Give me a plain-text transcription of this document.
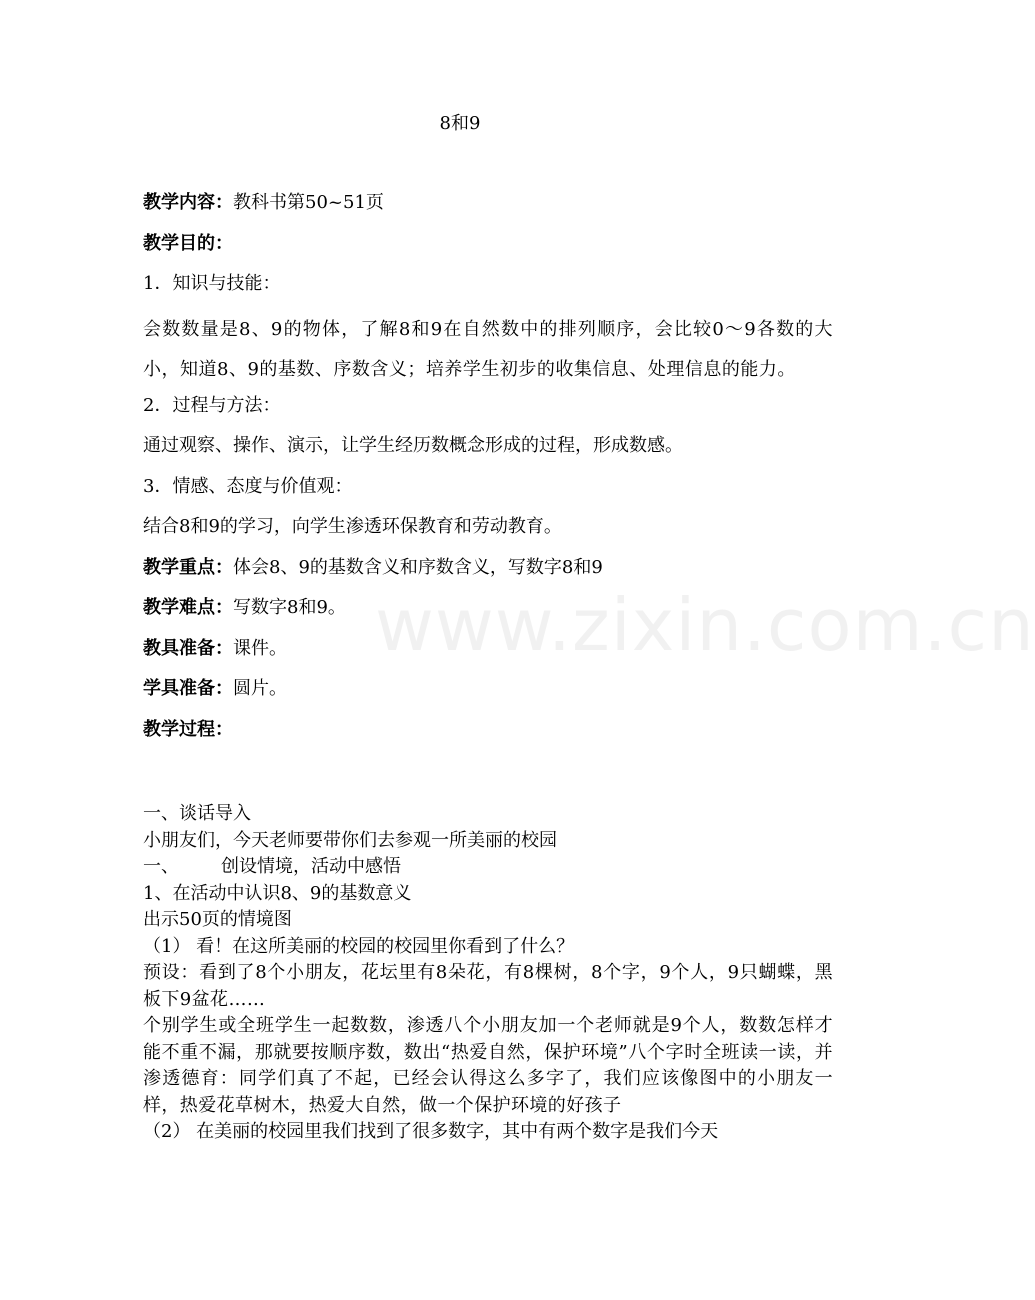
www.zixin.com.cn
8和9
教学内容：教科书第50~51页
教学目的：
1．知识与技能：
会数数量是8、9的物体，了解8和9在自然数中的排列顺序，会比较0～9各数的大小，知道8、9的基数、序数含义；培养学生初步的收集信息、处理信息的能力。
2．过程与方法：
通过观察、操作、演示，让学生经历数概念形成的过程，形成数感。
3．情感、态度与价值观：
结合8和9的学习，向学生渗透环保教育和劳动教育。
教学重点：体会8、9的基数含义和序数含义，写数字8和9
教学难点：写数字8和9。
教具准备：课件。
学具准备：圆片。
教学过程：
一、谈话导入
小朋友们，今天老师要带你们去参观一所美丽的校园
一、 创设情境，活动中感悟
1、在活动中认识8、9的基数意义
出示50页的情境图
（1） 看！在这所美丽的校园的校园里你看到了什么？
预设：看到了8个小朋友，花坛里有8朵花，有8棵树，8个字，9个人，9只蝴蝶，黑板下9盆花……
个别学生或全班学生一起数数，渗透八个小朋友加一个老师就是9个人，数数怎样才能不重不漏，那就要按顺序数，数出“热爱自然，保护环境”八个字时全班读一读，并渗透德育：同学们真了不起，已经会认得这么多字了，我们应该像图中的小朋友一样，热爱花草树木，热爱大自然，做一个保护环境的好孩子
（2） 在美丽的校园里我们找到了很多数字，其中有两个数字是我们今天
